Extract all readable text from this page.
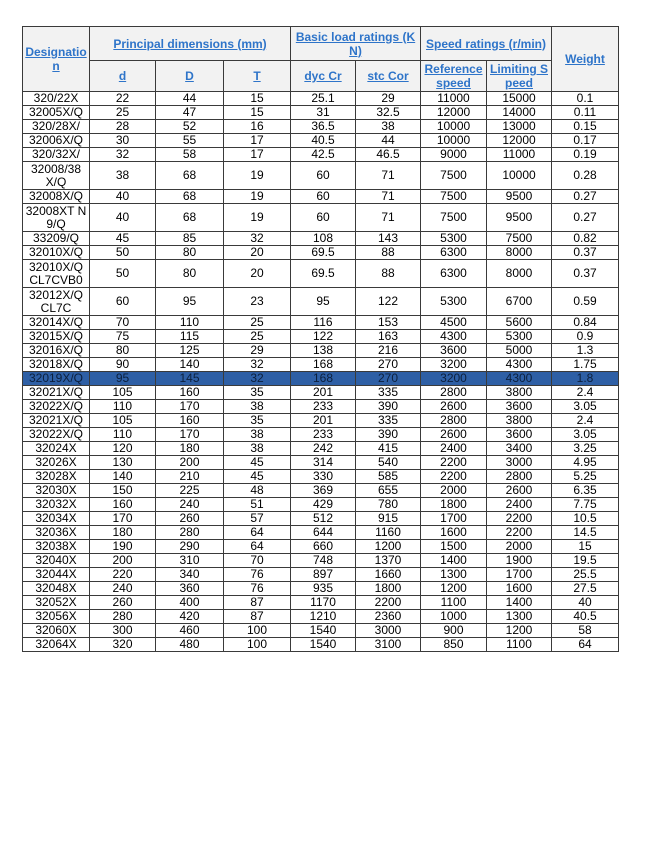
Designation	Principal dimensions (mm)			Basic load ratings (KN)		Speed ratings (r/min)		Weight
	d	D	T	dyc Cr	stc Cor	Reference speed	Limiting Speed	
320/22X	22	44	15	25.1	29	11000	15000	0.1
32005X/Q	25	47	15	31	32.5	12000	14000	0.11
320/28X/	28	52	16	36.5	38	10000	13000	0.15
32006X/Q	30	55	17	40.5	44	10000	12000	0.17
320/32X/	32	58	17	42.5	46.5	9000	11000	0.19
32008/38 X/Q	38	68	19	60	71	7500	10000	0.28
32008X/Q	40	68	19	60	71	7500	9500	0.27
32008XT N9/Q	40	68	19	60	71	7500	9500	0.27
33209/Q	45	85	32	108	143	5300	7500	0.82
32010X/Q	50	80	20	69.5	88	6300	8000	0.37
32010X/Q CL7CVB0	50	80	20	69.5	88	6300	8000	0.37
32012X/Q CL7C	60	95	23	95	122	5300	6700	0.59
32014X/Q	70	110	25	116	153	4500	5600	0.84
32015X/Q	75	115	25	122	163	4300	5300	0.9
32016X/Q	80	125	29	138	216	3600	5000	1.3
32018X/Q	90	140	32	168	270	3200	4300	1.75
32019X/Q	95	145	32	168	270	3200	4300	1.8
32021X/Q	105	160	35	201	335	2800	3800	2.4
32022X/Q	110	170	38	233	390	2600	3600	3.05
32021X/Q	105	160	35	201	335	2800	3800	2.4
32022X/Q	110	170	38	233	390	2600	3600	3.05
32024X	120	180	38	242	415	2400	3400	3.25
32026X	130	200	45	314	540	2200	3000	4.95
32028X	140	210	45	330	585	2200	2800	5.25
32030X	150	225	48	369	655	2000	2600	6.35
32032X	160	240	51	429	780	1800	2400	7.75
32034X	170	260	57	512	915	1700	2200	10.5
32036X	180	280	64	644	1160	1600	2200	14.5
32038X	190	290	64	660	1200	1500	2000	15
32040X	200	310	70	748	1370	1400	1900	19.5
32044X	220	340	76	897	1660	1300	1700	25.5
32048X	240	360	76	935	1800	1200	1600	27.5
32052X	260	400	87	1170	2200	1100	1400	40
32056X	280	420	87	1210	2360	1000	1300	40.5
32060X	300	460	100	1540	3000	900	1200	58
32064X	320	480	100	1540	3100	850	1100	64
